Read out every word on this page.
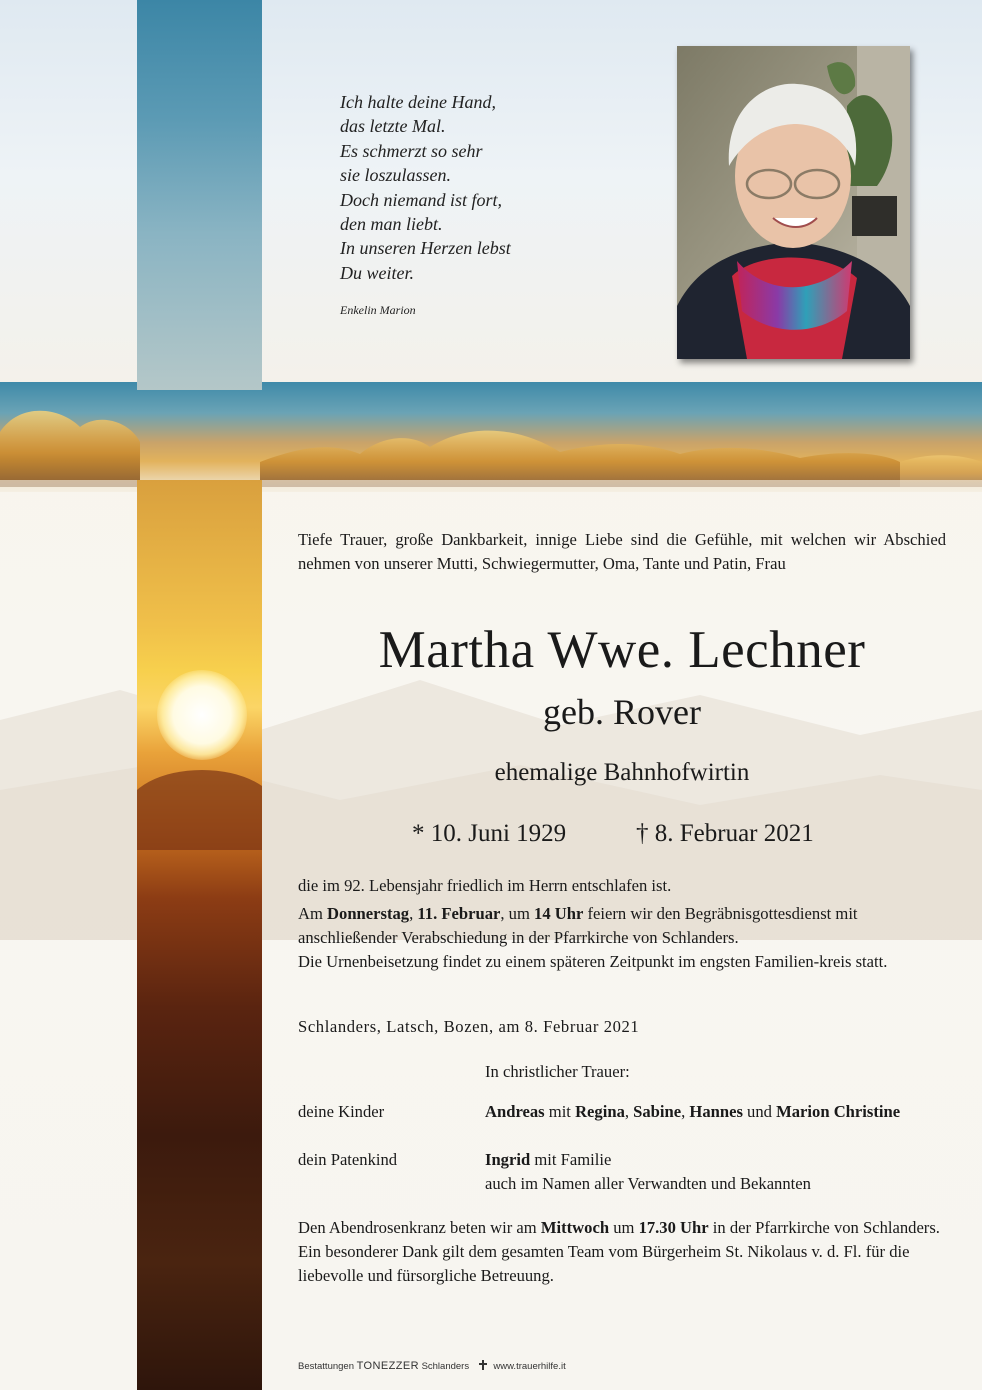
Ich halte deine Hand,
das letzte Mal.
Es schmerzt so sehr
sie loszulassen.
Doch niemand ist fort,
den man liebt.
In unseren Herzen lebst
Du weiter.
Enkelin Marion
Tiefe Trauer, große Dankbarkeit, innige Liebe sind die Gefühle, mit welchen wir Abschied nehmen von unserer Mutti, Schwiegermutter, Oma, Tante und Patin, Frau
Martha Wwe. Lechner
geb. Rover
ehemalige Bahnhofwirtin
* 10. Juni 1929	† 8. Februar 2021
die im 92. Lebensjahr friedlich im Herrn entschlafen ist.
Am Donnerstag, 11. Februar, um 14 Uhr feiern wir den Begräbnisgottesdienst mit anschließender Verabschiedung in der Pfarrkirche von Schlanders.
Die Urnenbeisetzung findet zu einem späteren Zeitpunkt im engsten Familien-kreis statt.
Schlanders, Latsch, Bozen, am 8. Februar 2021
In christlicher Trauer:
deine Kinder	Andreas mit Regina, Sabine, Hannes und Marion Christine
dein Patenkind	Ingrid mit Familie
auch im Namen aller Verwandten und Bekannten
Den Abendrosenkranz beten wir am Mittwoch um 17.30 Uhr in der Pfarrkirche von Schlanders. Ein besonderer Dank gilt dem gesamten Team vom Bürgerheim St. Nikolaus v. d. Fl. für die liebevolle und fürsorgliche Betreuung.
Bestattungen TONEZZER Schlanders	www.trauerhilfe.it
